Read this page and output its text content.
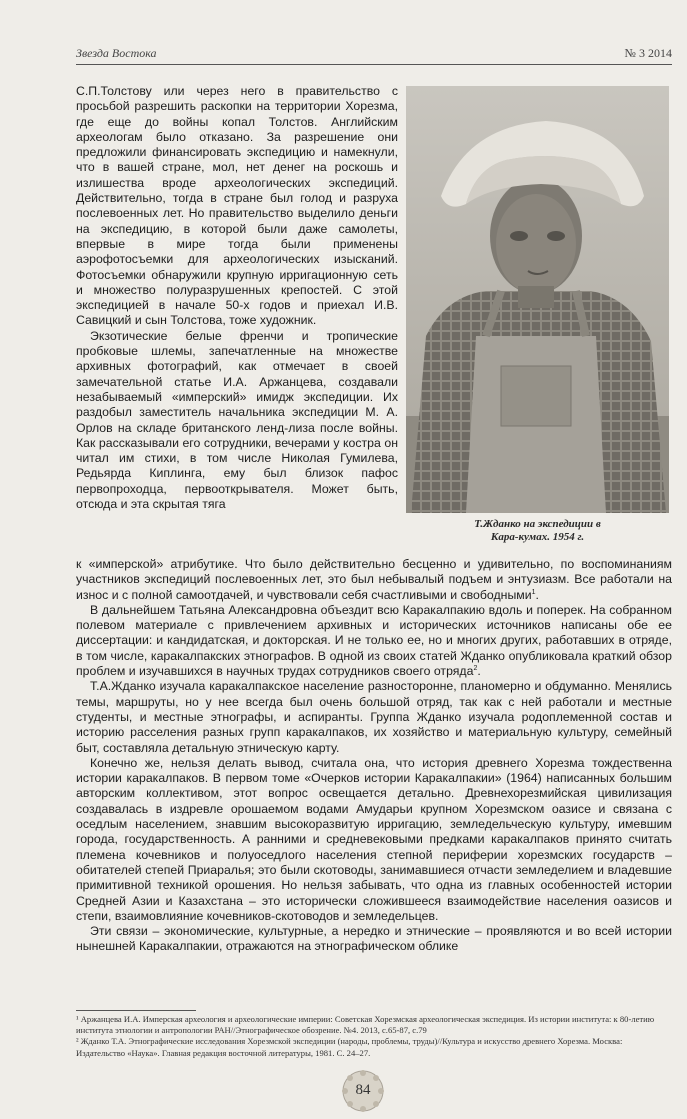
Звезда Востока	№ 3 2014

С.П.Толстову или через него в правительство с просьбой разрешить раскопки на территории Хорезма, где еще до войны копал Толстов. Английским археологам было отказано. За разрешение они предложили финансировать экспедицию и намекнули, что в вашей стране, мол, нет денег на роскошь и излишества вроде археологических экспедиций. Действительно, тогда в стране был голод и разруха послевоенных лет. Но правительство выделило деньги на экспедицию, в которой были даже самолеты, впервые в мире тогда были применены аэрофотосъемки для археологических изысканий. Фотосъемки обнаружили крупную ирригационную сеть и множество полуразрушенных крепостей. С этой экспедицией в начале 50-х годов и приехал И.В. Савицкий и сын Толстова, тоже художник.

Экзотические белые френчи и тропические пробковые шлемы, запечатленные на множестве архивных фотографий, как отмечает в своей замечательной статье И.А. Аржанцева, создавали незабываемый «имперский» имидж экспедиции. Их раздобыл заместитель начальника экспедиции М. А. Орлов на складе британского ленд-лиза после войны. Как рассказывали его сотрудники, вечерами у костра он читал им стихи, в том числе Николая Гумилева, Редьярда Киплинга, ему был близок пафос первопроходца, первооткрывателя. Может быть, отсюда и эта скрытая тяга

Т.Жданко на экспедиции в
Кара-кумах. 1954 г.

к «имперской» атрибутике. Что было действительно бесценно и удивительно, по воспоминаниям участников экспедиций послевоенных лет, это был небывалый подъем и энтузиазм. Все работали на износ и с полной самоотдачей, и чувствовали себя счастливыми и свободными$^1$.

В дальнейшем Татьяна Александровна объездит всю Каракалпакию вдоль и поперек. На собранном полевом материале с привлечением архивных и исторических источников написаны обе ее диссертации: и кандидатская, и докторская. И не только ее, но и многих других, работавших в отряде, в том числе, каракалпакских этнографов. В одной из своих статей Жданко опубликовала краткий обзор проблем и изучавшихся в научных трудах сотрудников своего отряда$^2$.

Т.А.Жданко изучала каракалпакское население разносторонне, планомерно и обдуманно. Менялись темы, маршруты, но у нее всегда был очень большой отряд, так как с ней работали и местные студенты, и местные этнографы, и аспиранты. Группа Жданко изучала родоплеменной состав и историю расселения разных групп каракалпаков, их хозяйство и материальную культуру, семейный быт, составляла детальную этническую карту.

Конечно же, нельзя делать вывод, считала она, что история древнего Хорезма тождественна истории каракалпаков. В первом томе «Очерков истории Каракалпакии» (1964) написанных большим авторским коллективом, этот вопрос освещается детально. Древнехорезмийская цивилизация создавалась в издревле орошаемом водами Амударьи крупном Хорезмском оазисе и связана с оседлым населением, знавшим высокоразвитую ирригацию, земледельческую культуру, имевшим города, государственность. А ранними и средневековыми предками каракалпаков принято считать племена кочевников и полуоседлого населения степной периферии хорезмских государств – обитателей степей Приаралья; это были скотоводы, занимавшиеся отчасти земледелием и владевшие примитивной техникой орошения. Но нельзя забывать, что одна из главных особенностей истории Средней Азии и Казахстана – это исторически сложившееся взаимодействие населения оазисов и степи, взаимовлияние кочевников-скотоводов и земледельцев.

Эти связи – экономические, культурные, а нередко и этнические – проявляются и во всей истории нынешней Каракалпакии, отражаются на этнографическом облике

¹ Аржанцева И.А. Имперская археология и археологические империи: Советская Хорезмская археологическая экспедиция. Из истории института: к 80-летию института этнологии и антропологии РАН//Этнографическое обозрение. №4. 2013, с.65-87, с.79

² Жданко Т.А. Этнографические исследования Хорезмской экспедиции (народы, проблемы, труды)//Культура и искусство древнего Хорезма. Москва: Издательство «Наука». Главная редакция восточной литературы, 1981. С. 24–27.

84
